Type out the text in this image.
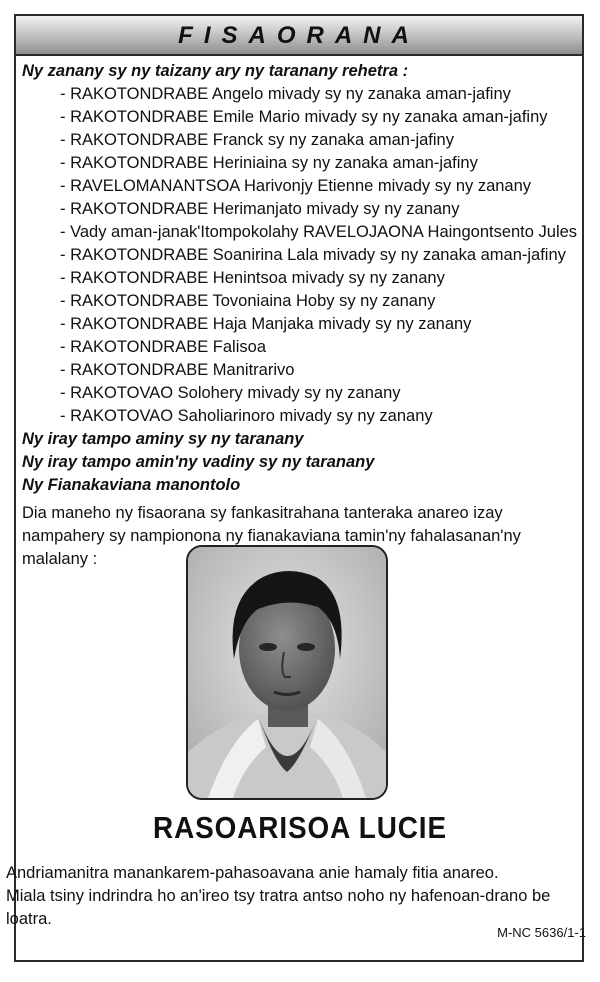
FISAORANA
Ny zanany sy ny taizany ary ny taranany rehetra :
- RAKOTONDRABE Angelo mivady sy ny zanaka aman-jafiny
- RAKOTONDRABE Emile Mario mivady sy ny zanaka aman-jafiny
- RAKOTONDRABE Franck sy ny zanaka aman-jafiny
- RAKOTONDRABE Heriniaina sy ny zanaka aman-jafiny
- RAVELOMANANTSOA Harivonjy Etienne mivady sy ny zanany
- RAKOTONDRABE Herimanjato mivady sy ny zanany
- Vady aman-janak'Itompokolahy RAVELOJAONA Haingontsento Jules
- RAKOTONDRABE Soanirina Lala mivady sy ny zanaka aman-jafiny
- RAKOTONDRABE Henintsoa mivady sy ny zanany
- RAKOTONDRABE Tovoniaina Hoby sy ny zanany
- RAKOTONDRABE Haja Manjaka mivady sy ny zanany
- RAKOTONDRABE Falisoa
- RAKOTONDRABE Manitrarivo
- RAKOTOVAO Solohery mivady sy ny zanany
- RAKOTOVAO Saholiarinoro mivady sy ny zanany
Ny iray tampo aminy sy ny taranany
Ny iray tampo amin'ny vadiny sy ny taranany
Ny Fianakaviana manontolo
Dia maneho ny fisaorana sy fankasitrahana tanteraka anareo izay nampahery sy nampionona ny fianakaviana tamin'ny fahalasanan'ny malalany :
RASOARISOA LUCIE
Andriamanitra manankarem-pahasoavana anie hamaly fitia anareo.
Miala tsiny indrindra ho an'ireo tsy tratra antso noho ny hafenoan-drano be loatra.
M-NC 5636/1-1
